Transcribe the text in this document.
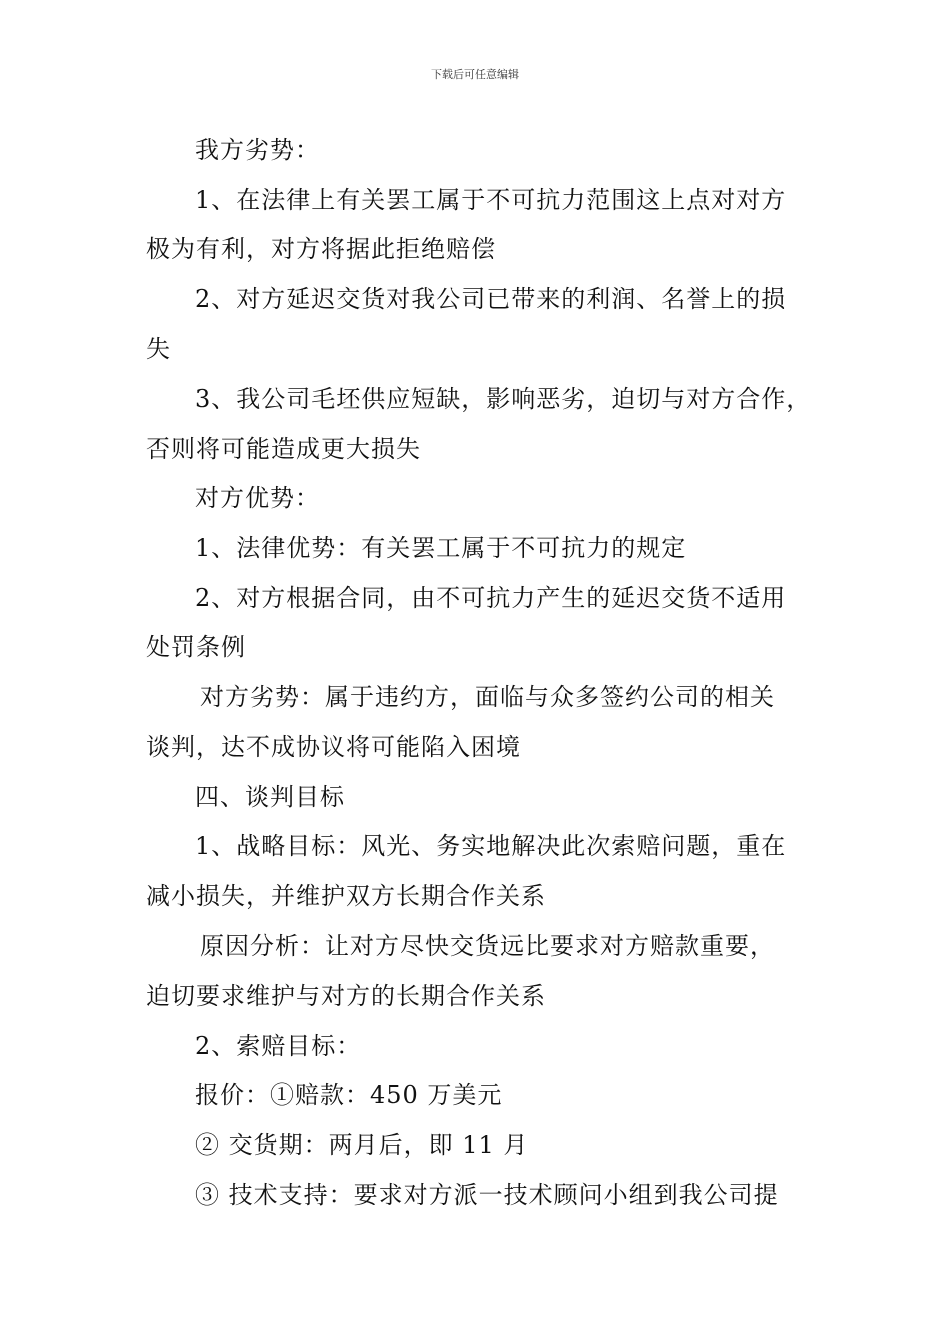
下载后可任意编辑
我方劣势：
1、在法律上有关罢工属于不可抗力范围这上点对对方
极为有利，对方将据此拒绝赔偿
2、对方延迟交货对我公司已带来的利润、名誉上的损
失
3、我公司毛坯供应短缺，影响恶劣，迫切与对方合作，
否则将可能造成更大损失
对方优势：
1、法律优势：有关罢工属于不可抗力的规定
2、对方根据合同，由不可抗力产生的延迟交货不适用
处罚条例
对方劣势：属于违约方，面临与众多签约公司的相关
谈判，达不成协议将可能陷入困境
四、谈判目标
1、战略目标：风光、务实地解决此次索赔问题，重在
减小损失，并维护双方长期合作关系
原因分析：让对方尽快交货远比要求对方赔款重要，
迫切要求维护与对方的长期合作关系
2、索赔目标：
报价：①赔款：450 万美元
② 交货期：两月后，即 11 月
③ 技术支持：要求对方派一技术顾问小组到我公司提
